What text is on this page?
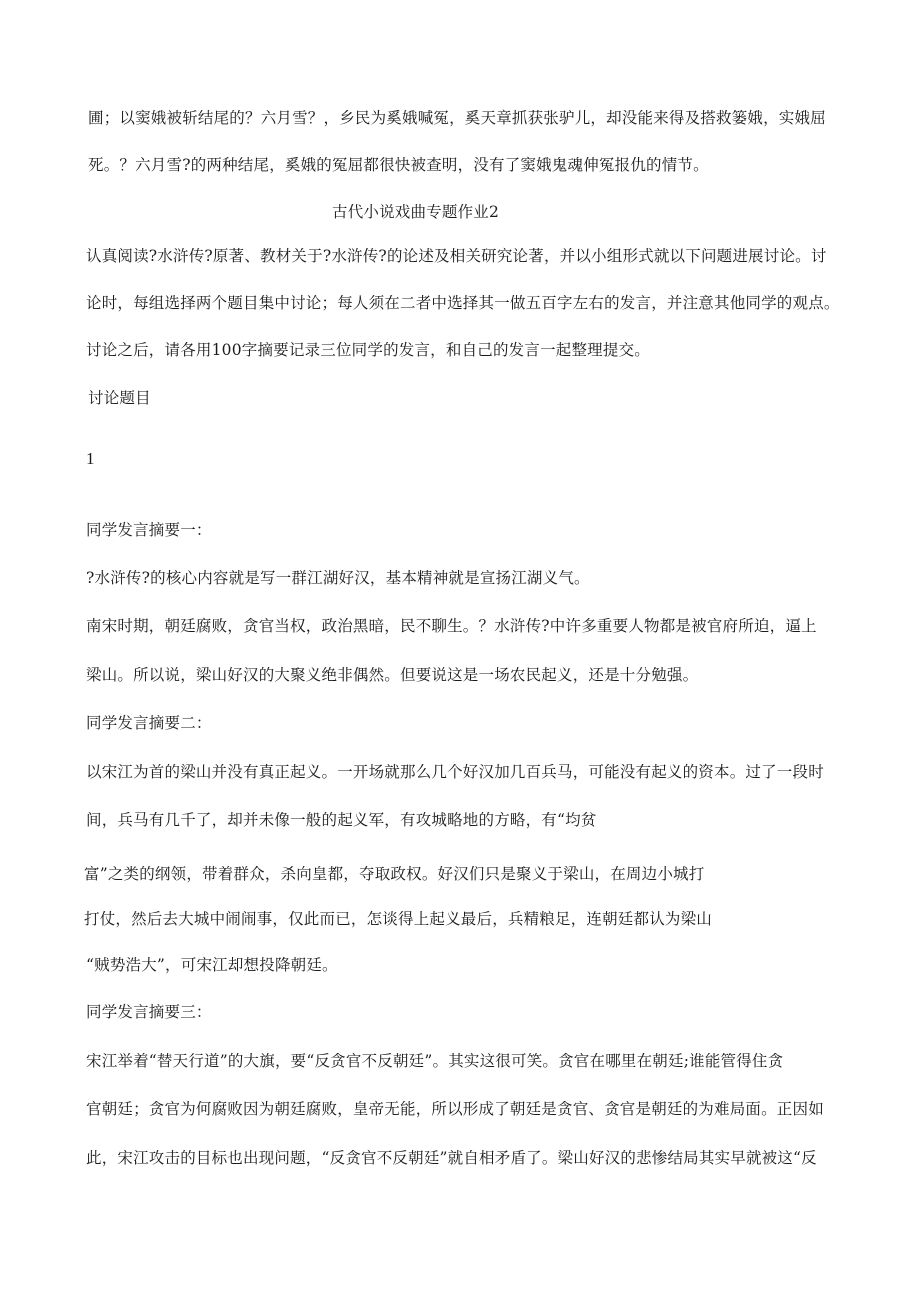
圃；以窦娥被斩结尾的？六月雪？，乡民为奚娥喊冤，奚天章抓获张驴儿，却没能来得及搭救篓娥，实娥屈
死。？六月雪?的两种结尾，奚娥的冤屈都很快被查明，没有了窦娥鬼魂伸冤报仇的情节。
古代小说戏曲专题作业2
认真阅读?水浒传?原著、教材关于?水浒传?的论述及相关研究论著，并以小组形式就以下问题进展讨论。讨
论时，每组选择两个题目集中讨论；每人须在二者中选择其一做五百字左右的发言，并注意其他同学的观点。
讨论之后，请各用100字摘要记录三位同学的发言，和自己的发言一起整理提交。
讨论题目
1
同学发言摘要一：
?水浒传?的核心内容就是写一群江湖好汉，基本精神就是宣扬江湖义气。
南宋时期，朝廷腐败，贪官当权，政治黑暗，民不聊生。？水浒传?中许多重要人物都是被官府所迫，逼上
梁山。所以说，梁山好汉的大聚义绝非偶然。但要说这是一场农民起义，还是十分勉强。
同学发言摘要二：
以宋江为首的梁山并没有真正起义。一开场就那么几个好汉加几百兵马，可能没有起义的资本。过了一段时
间，兵马有几千了，却并未像一般的起义军，有攻城略地的方略，有“均贫
富”之类的纲领，带着群众，杀向皇都，夺取政权。好汉们只是聚义于梁山，在周边小城打
打仗，然后去大城中闹闹事，仅此而已，怎谈得上起义最后，兵精粮足，连朝廷都认为梁山
“贼势浩大”，可宋江却想投降朝廷。
同学发言摘要三：
宋江举着“替天行道”的大旗，要“反贪官不反朝廷”。其实这很可笑。贪官在哪里在朝廷;谁能管得住贪
官朝廷；贪官为何腐败因为朝廷腐败，皇帝无能，所以形成了朝廷是贪官、贪官是朝廷的为难局面。正因如
此，宋江攻击的目标也出现问题，“反贪官不反朝廷”就自相矛盾了。梁山好汉的悲惨结局其实早就被这“反
